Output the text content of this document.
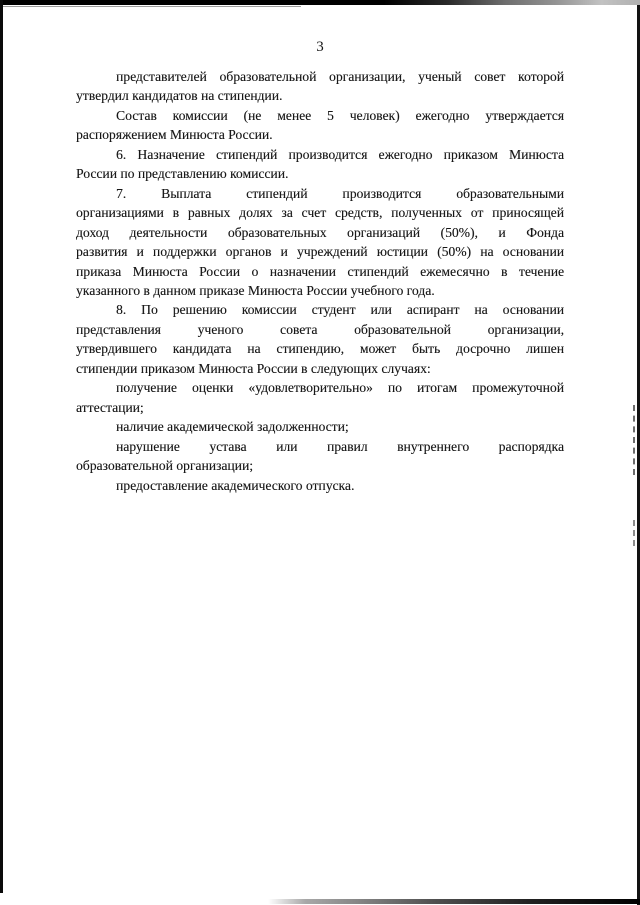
3
представителей образовательной организации, ученый совет которой
утвердил кандидатов на стипендии.
Состав комиссии (не менее 5 человек) ежегодно утверждается
распоряжением Минюста России.
6. Назначение стипендий производится ежегодно приказом Минюста
России по представлению комиссии.
7. Выплата стипендий производится образовательными
организациями в равных долях за счет средств, полученных от приносящей
доход деятельности образовательных организаций (50%), и Фонда
развития и поддержки органов и учреждений юстиции (50%) на основании
приказа Минюста России о назначении стипендий ежемесячно в течение
указанного в данном приказе Минюста России учебного года.
8. По решению комиссии студент или аспирант на основании
представления ученого совета образовательной организации,
утвердившего кандидата на стипендию, может быть досрочно лишен
стипендии приказом Минюста России в следующих случаях:
получение оценки «удовлетворительно» по итогам промежуточной
аттестации;
наличие академической задолженности;
нарушение устава или правил внутреннего распорядка
образовательной организации;
предоставление академического отпуска.
